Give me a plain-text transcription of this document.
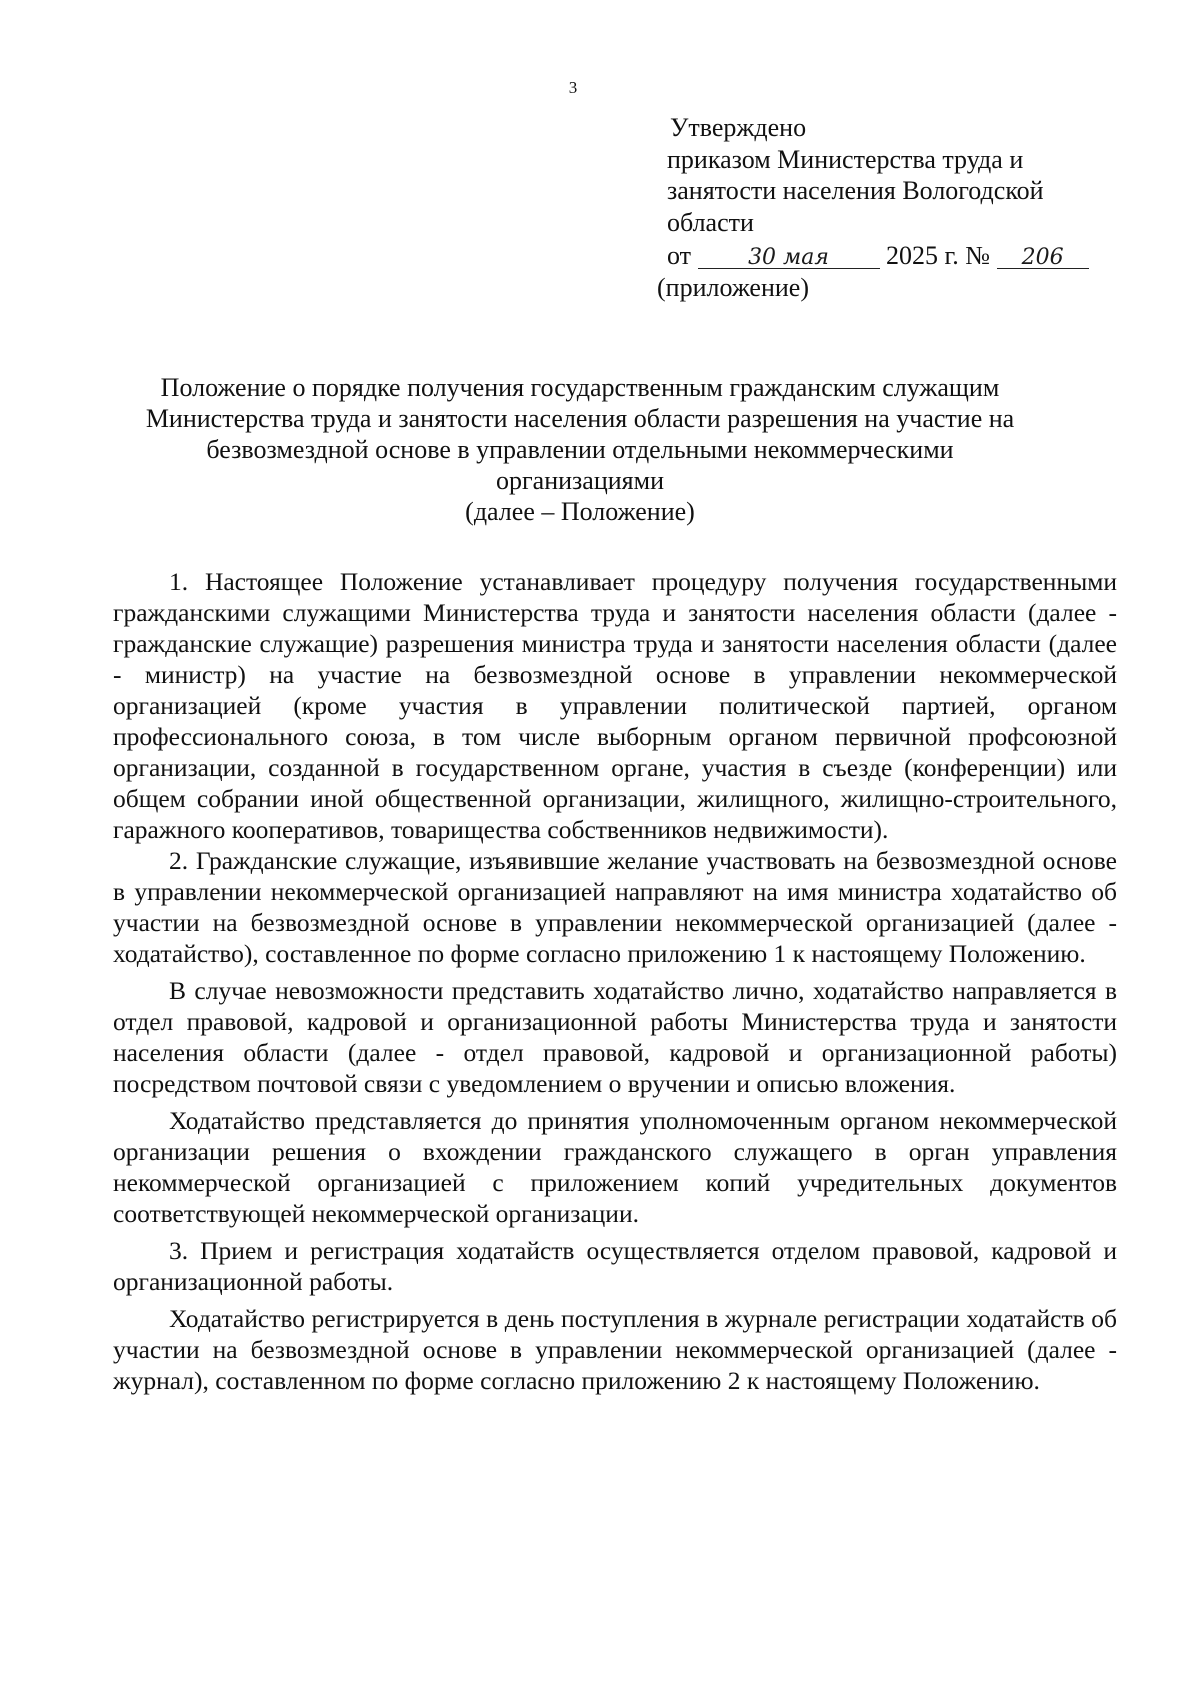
3
Утверждено
приказом Министерства труда и
занятости населения Вологодской
области
от	30 мая 2025 г. № 206
(приложение)
Положение о порядке получения государственным гражданским служащим
Министерства труда и занятости населения области разрешения на участие на
безвозмездной основе в управлении отдельными некоммерческими
организациями
(далее – Положение)

1. Настоящее Положение устанавливает процедуру получения государственными гражданскими служащими Министерства труда и занятости населения области (далее - гражданские служащие) разрешения министра труда и занятости населения области (далее - министр) на участие на безвозмездной основе в управлении некоммерческой организацией (кроме участия в управлении политической партией, органом профессионального союза, в том числе выборным органом первичной профсоюзной организации, созданной в государственном органе, участия в съезде (конференции) или общем собрании иной общественной организации, жилищного, жилищно-строительного, гаражного кооперативов, товарищества собственников недвижимости).

2. Гражданские служащие, изъявившие желание участвовать на безвозмездной основе в управлении некоммерческой организацией направляют на имя министра ходатайство об участии на безвозмездной основе в управлении некоммерческой организацией (далее - ходатайство), составленное по форме согласно приложению 1 к настоящему Положению.

В случае невозможности представить ходатайство лично, ходатайство направляется в отдел правовой, кадровой и организационной работы Министерства труда и занятости населения области (далее - отдел правовой, кадровой и организационной работы) посредством почтовой связи с уведомлением о вручении и описью вложения.

Ходатайство представляется до принятия уполномоченным органом некоммерческой организации решения о вхождении гражданского служащего в орган управления некоммерческой организацией с приложением копий учредительных документов соответствующей некоммерческой организации.

3. Прием и регистрация ходатайств осуществляется отделом правовой, кадровой и организационной работы.

Ходатайство регистрируется в день поступления в журнале регистрации ходатайств об участии на безвозмездной основе в управлении некоммерческой организацией (далее - журнал), составленном по форме согласно приложению 2 к настоящему Положению.
